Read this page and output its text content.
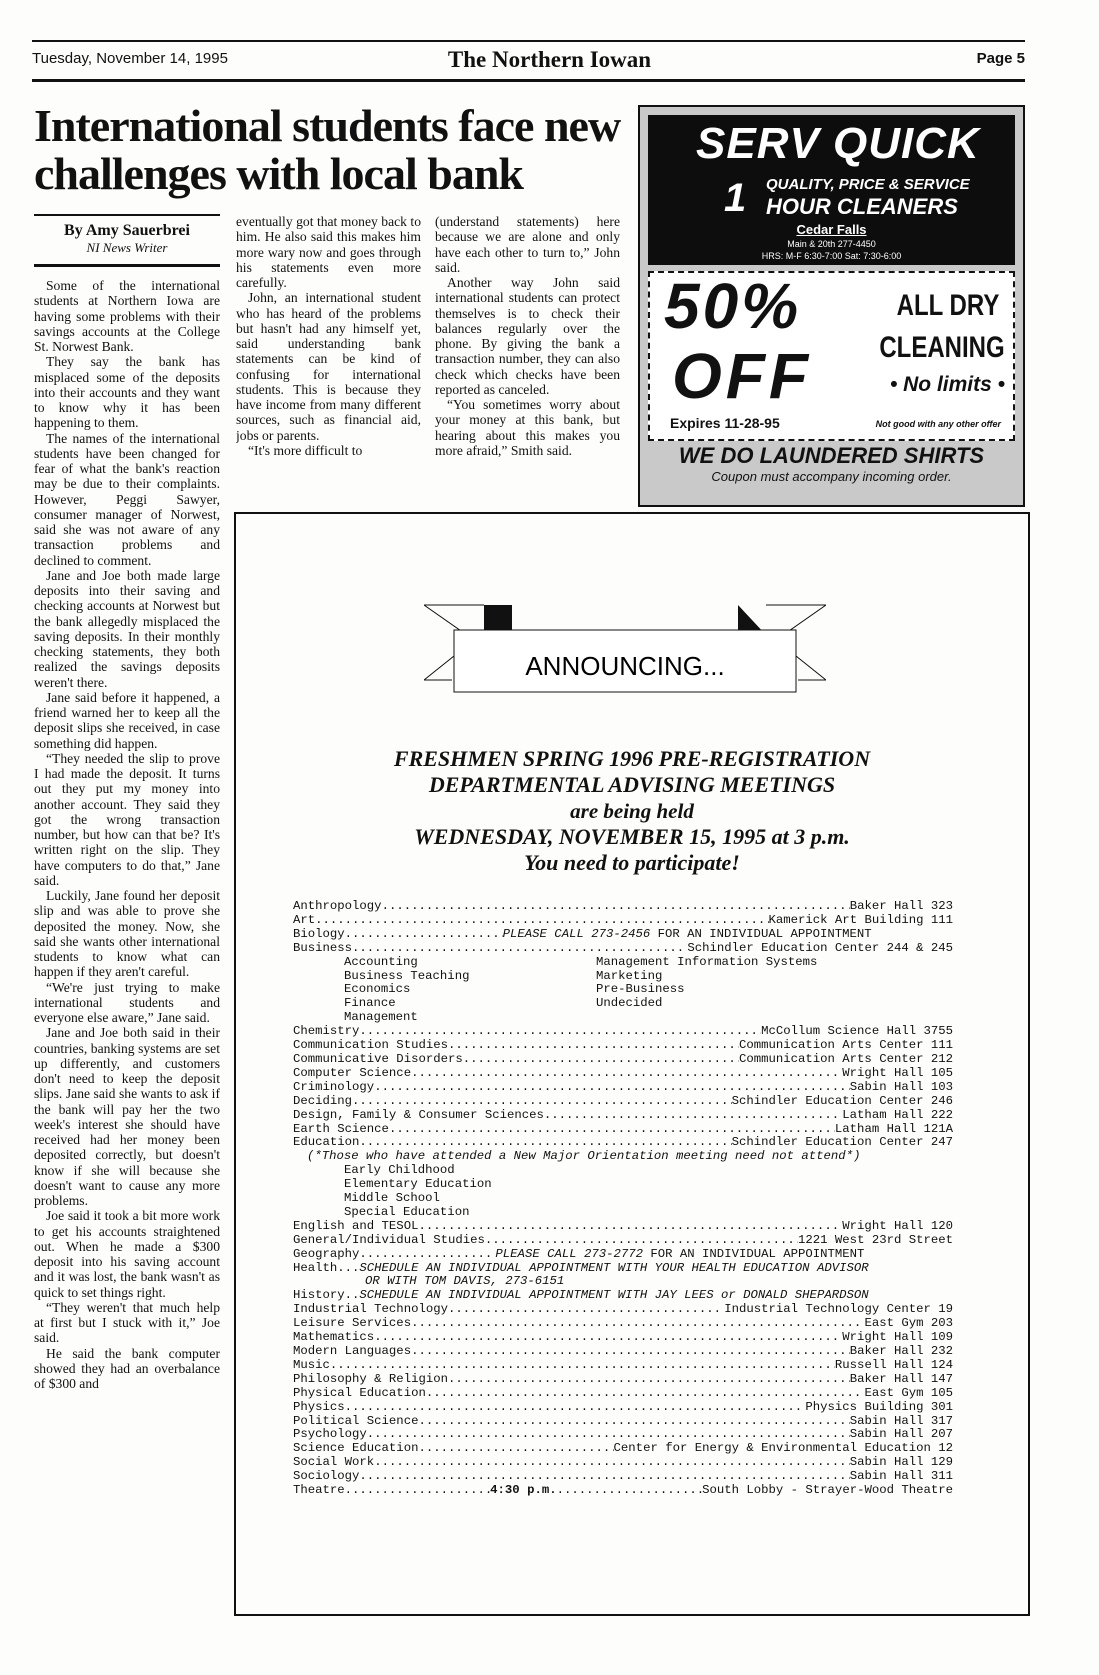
Tuesday, November 14, 1995	The Northern Iowan	Page 5
International students face new challenges with local bank
By Amy Sauerbrei
NI News Writer

Some of the international students at Northern Iowa are having some problems with their savings accounts at the College St. Norwest Bank.

They say the bank has misplaced some of the deposits into their accounts and they want to know why it has been happening to them.

The names of the international students have been changed for fear of what the bank's reaction may be due to their complaints. However, Peggi Sawyer, consumer manager of Norwest, said she was not aware of any transaction problems and declined to comment.

Jane and Joe both made large deposits into their saving and checking accounts at Norwest but the bank allegedly misplaced the saving deposits. In their monthly checking statements, they both realized the savings deposits weren't there.

Jane said before it happened, a friend warned her to keep all the deposit slips she received, in case something did happen.

“They needed the slip to prove I had made the deposit. It turns out they put my money into another account. They said they got the wrong transaction number, but how can that be? It's written right on the slip. They have computers to do that,” Jane said.

Luckily, Jane found her deposit slip and was able to prove she deposited the money. Now, she said she wants other international students to know what can happen if they aren't careful.

“We're just trying to make international students and everyone else aware,” Jane said.

Jane and Joe both said in their countries, banking systems are set up differently, and customers don't need to keep the deposit slips. Jane said she wants to ask if the bank will pay her the two week's interest she should have received had her money been deposited correctly, but doesn't know if she will because she doesn't want to cause any more problems.

Joe said it took a bit more work to get his accounts straightened out. When he made a $300 deposit into his saving account and it was lost, the bank wasn't as quick to set things right.

“They weren't that much help at first but I stuck with it,” Joe said.

He said the bank computer showed they had an overbalance of $300 and

eventually got that money back to him. He also said this makes him more wary now and goes through his statements even more carefully.

John, an international student who has heard of the problems but hasn't had any himself yet, said understanding bank statements can be kind of confusing for international students. This is because they have income from many different sources, such as financial aid, jobs or parents.

“It's more difficult to

(understand statements) here because we are alone and only have each other to turn to,” John said.

Another way John said international students can protect themselves is to check their balances regularly over the phone. By giving the bank a transaction number, they can also check which checks have been reported as canceled.

“You sometimes worry about your money at this bank, but hearing about this makes you more afraid,” Smith said.

SERV QUICK
1 QUALITY, PRICE & SERVICE
HOUR CLEANERS
Cedar Falls
Main & 20th 277-4450
HRS: M-F 6:30-7:00 Sat: 7:30-6:00
50%
OFF
ALL DRY
CLEANING
• No limits •
Expires 11-28-95	Not good with any other offer
WE DO LAUNDERED SHIRTS
Coupon must accompany incoming order.
ANNOUNCING...
FRESHMEN SPRING 1996 PRE-REGISTRATION
DEPARTMENTAL ADVISING MEETINGS
are being held
WEDNESDAY, NOVEMBER 15, 1995 at 3 p.m.
You need to participate!
Anthropology .....	Baker Hall 323
Art .....	Kamerick Art Building 111
Biology .....	PLEASE CALL 273-2456 FOR AN INDIVIDUAL APPOINTMENT
Business .....	Schindler Education Center 244 & 245
Accounting	Management Information Systems
Business Teaching	Marketing
Economics	Pre-Business
Finance	Undecided
Management
Chemistry .....	McCollum Science Hall 3755
Communication Studies .....	Communication Arts Center 111
Communicative Disorders .....	Communication Arts Center 212
Computer Science .....	Wright Hall 105
Criminology .....	Sabin Hall 103
Deciding .....	Schindler Education Center 246
Design, Family & Consumer Sciences .....	Latham Hall 222
Earth Science .....	Latham Hall 121A
Education .....	Schindler Education Center 247
(*Those who have attended a New Major Orientation meeting need not attend*)
Early Childhood
Elementary Education
Middle School
Special Education
English and TESOL .....	Wright Hall 120
General/Individual Studies .....	1221 West 23rd Street
Geography .....	PLEASE CALL 273-2772 FOR AN INDIVIDUAL APPOINTMENT
Health... SCHEDULE AN INDIVIDUAL APPOINTMENT WITH YOUR HEALTH EDUCATION ADVISOR
OR WITH TOM DAVIS, 273-6151
History.. SCHEDULE AN INDIVIDUAL APPOINTMENT WITH JAY LEES or DONALD SHEPARDSON
Industrial Technology .....	Industrial Technology Center 19
Leisure Services .....	East Gym 203
Mathematics .....	Wright Hall 109
Modern Languages .....	Baker Hall 232
Music .....	Russell Hall 124
Philosophy & Religion .....	Baker Hall 147
Physical Education .....	East Gym 105
Physics .....	Physics Building 301
Political Science .....	Sabin Hall 317
Psychology .....	Sabin Hall 207
Science Education .....	Center for Energy & Environmental Education 12
Social Work .....	Sabin Hall 129
Sociology .....	Sabin Hall 311
Theatre .....	4:30 p.m. .....	South Lobby - Strayer-Wood Theatre
